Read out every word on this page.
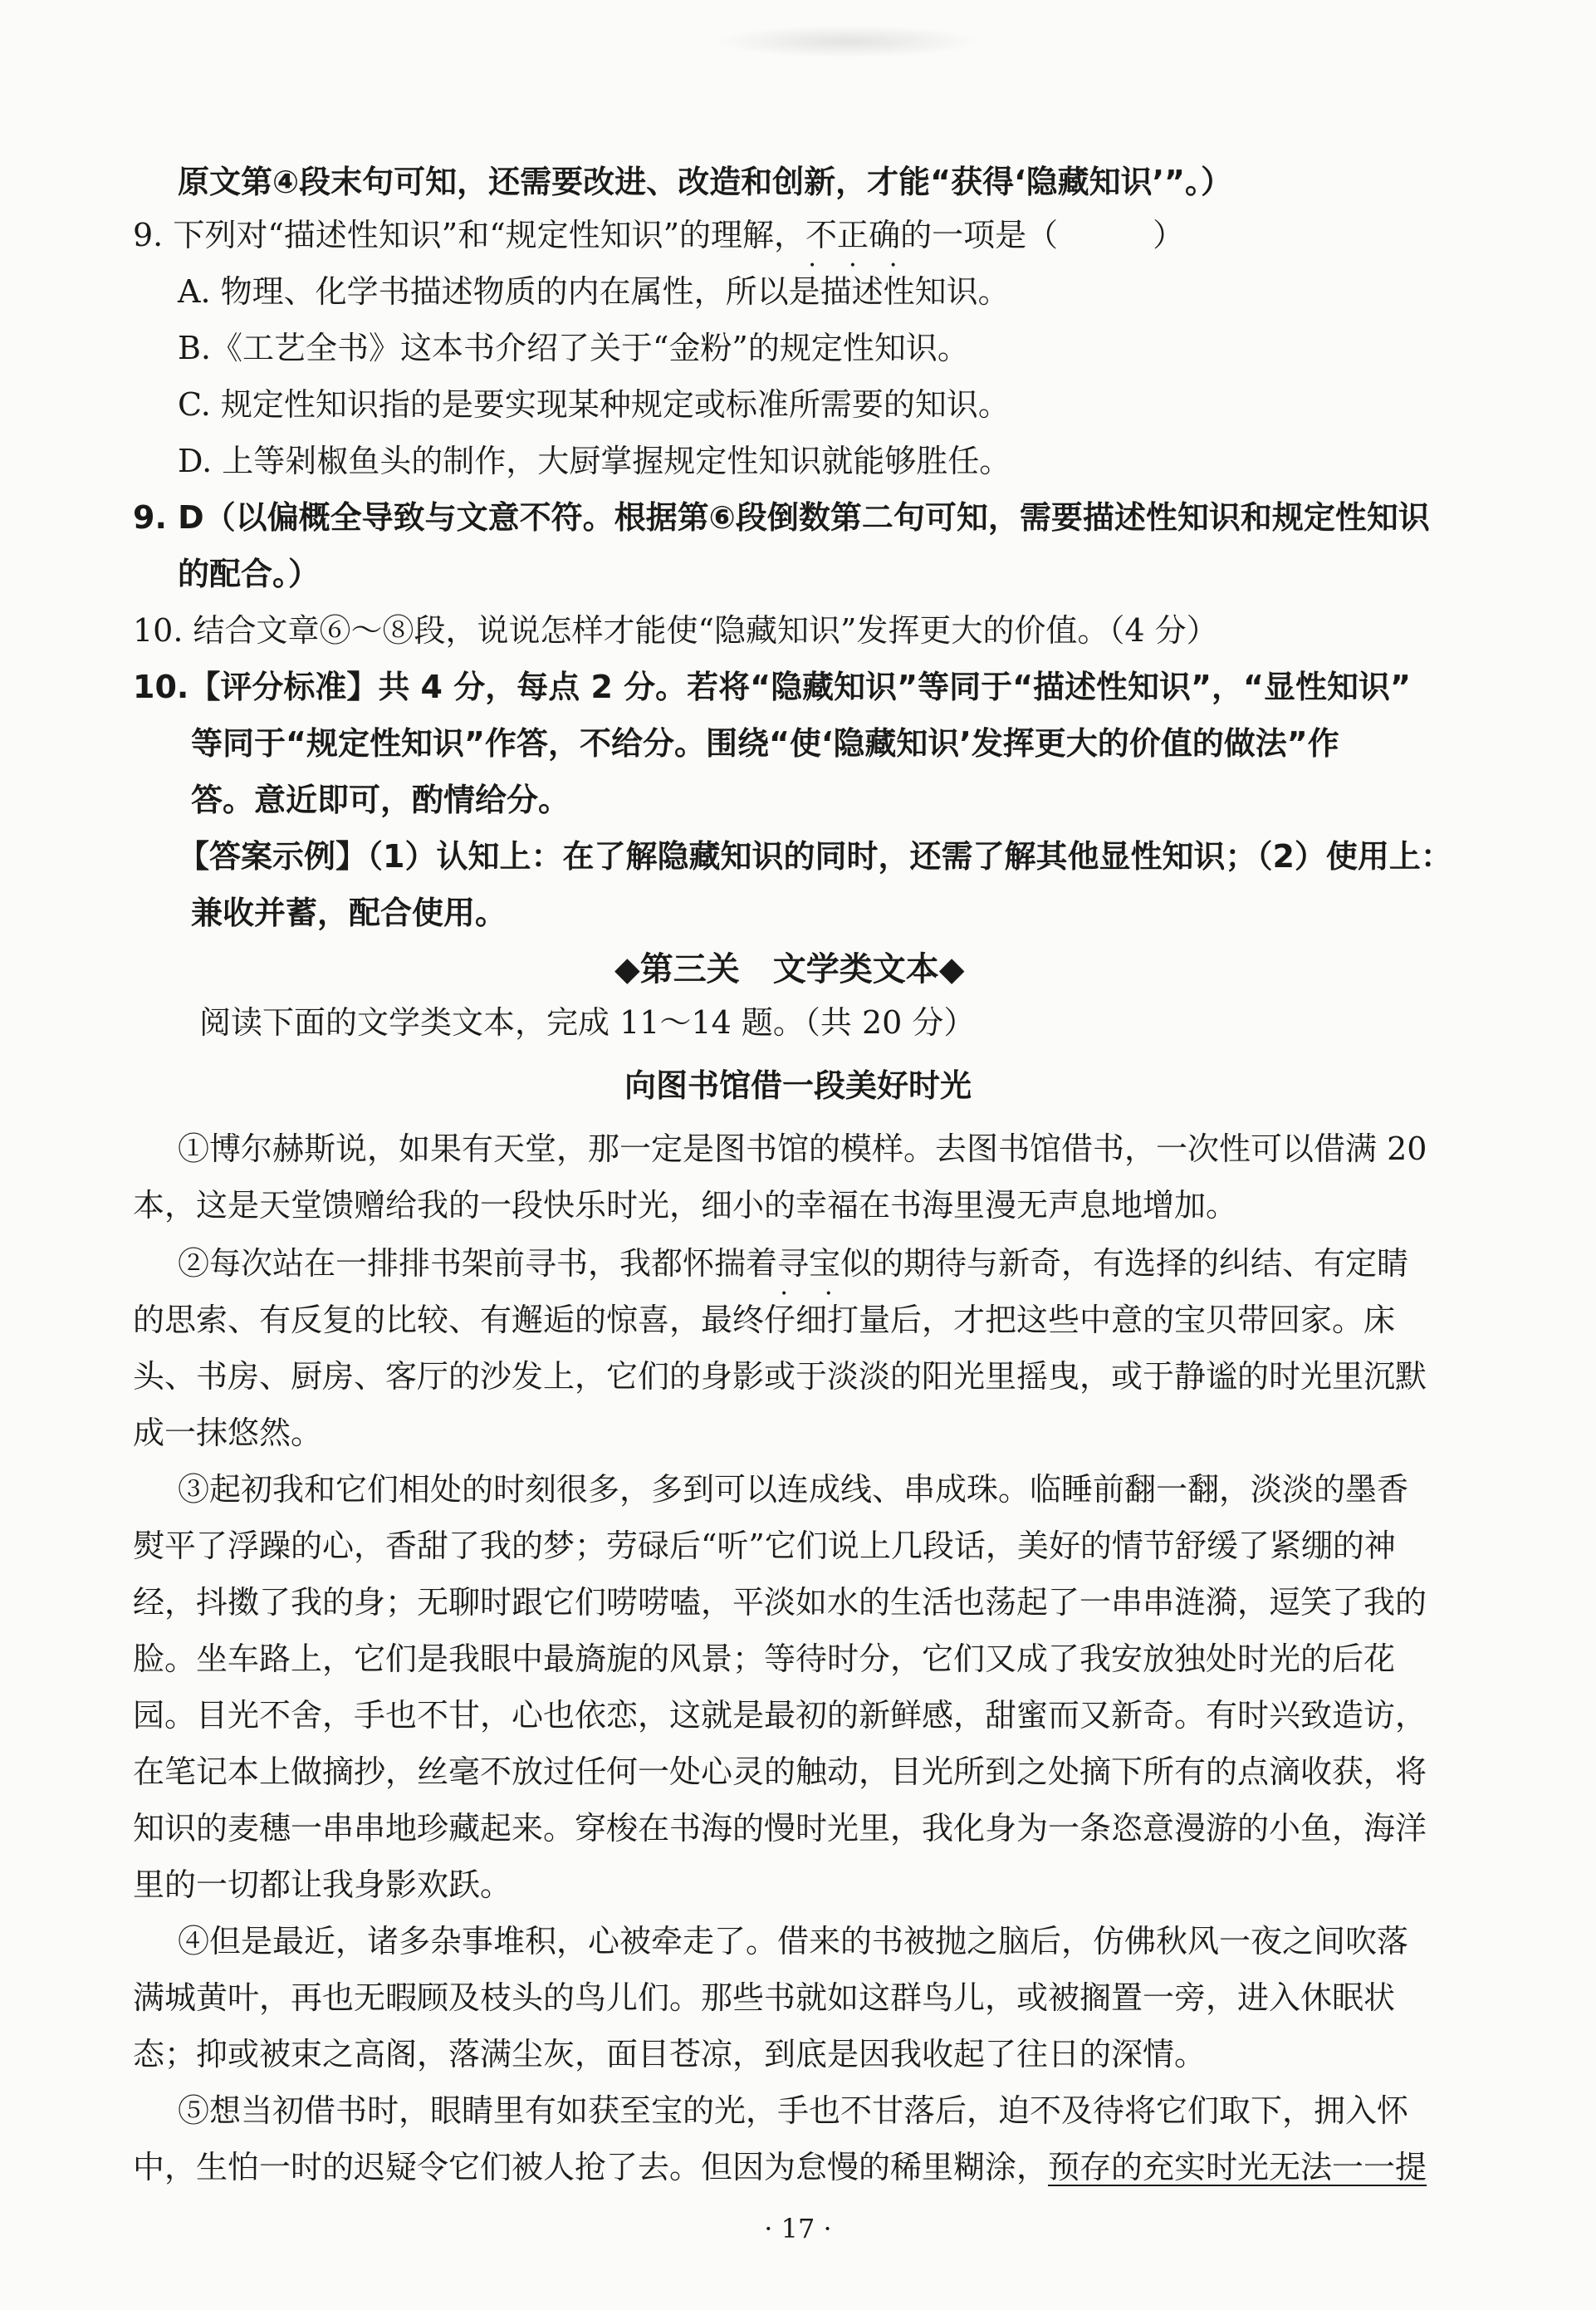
原文第④段末句可知，还需要改进、改造和创新，才能“获得‘隐藏知识’”。）
9. 下列对“描述性知识”和“规定性知识”的理解，不正确 • • •的一项是（　　　）
A. 物理、化学书描述物质的内在属性，所以是描述性知识。
B.《工艺全书》这本书介绍了关于“金粉”的规定性知识。
C. 规定性知识指的是要实现某种规定或标准所需要的知识。
D. 上等剁椒鱼头的制作，大厨掌握规定性知识就能够胜任。
9. D（以偏概全导致与文意不符。根据第⑥段倒数第二句可知，需要描述性知识和规定性知识
的配合。）
10. 结合文章⑥～⑧段，说说怎样才能使“隐藏知识”发挥更大的价值。（4 分）
10.【评分标准】共 4 分，每点 2 分。若将“隐藏知识”等同于“描述性知识”，“显性知识”
等同于“规定性知识”作答，不给分。围绕“使‘隐藏知识’发挥更大的价值的做法”作
答。意近即可，酌情给分。
【答案示例】（1）认知上：在了解隐藏知识的同时，还需了解其他显性知识；（2）使用上：
兼收并蓄，配合使用。
◆第三关　文学类文本◆
阅读下面的文学类文本，完成 11～14 题。（共 20 分）
向图书馆借一段美好时光
①博尔赫斯说，如果有天堂，那一定是图书馆的模样。去图书馆借书，一次性可以借满 20
本，这是天堂馈赠给我的一段快乐时光，细小的幸福在书海里漫无声息地增加。
②每次站在一排排书架前寻书，我都怀揣着寻宝 • •似的期待与新奇，有选择的纠结、有定睛
的思索、有反复的比较、有邂逅的惊喜，最终仔细打量后，才把这些中意的宝贝带回家。床
头、书房、厨房、客厅的沙发上，它们的身影或于淡淡的阳光里摇曳，或于静谧的时光里沉默
成一抹悠然。
③起初我和它们相处的时刻很多，多到可以连成线、串成珠。临睡前翻一翻，淡淡的墨香
熨平了浮躁的心，香甜了我的梦；劳碌后“听”它们说上几段话，美好的情节舒缓了紧绷的神
经，抖擞了我的身；无聊时跟它们唠唠嗑，平淡如水的生活也荡起了一串串涟漪，逗笑了我的
脸。坐车路上，它们是我眼中最旖旎的风景；等待时分，它们又成了我安放独处时光的后花
园。目光不舍，手也不甘，心也依恋，这就是最初的新鲜感，甜蜜而又新奇。有时兴致造访，
在笔记本上做摘抄，丝毫不放过任何一处心灵的触动，目光所到之处摘下所有的点滴收获，将
知识的麦穗一串串地珍藏起来。穿梭在书海的慢时光里，我化身为一条恣意漫游的小鱼，海洋
里的一切都让我身影欢跃。
④但是最近，诸多杂事堆积，心被牵走了。借来的书被抛之脑后，仿佛秋风一夜之间吹落
满城黄叶，再也无暇顾及枝头的鸟儿们。那些书就如这群鸟儿，或被搁置一旁，进入休眠状
态；抑或被束之高阁，落满尘灰，面目苍凉，到底是因我收起了往日的深情。
⑤想当初借书时，眼睛里有如获至宝的光，手也不甘落后，迫不及待将它们取下，拥入怀
中，生怕一时的迟疑令它们被人抢了去。但因为怠慢的稀里糊涂，预存的充实时光无法一一提
· 17 ·
